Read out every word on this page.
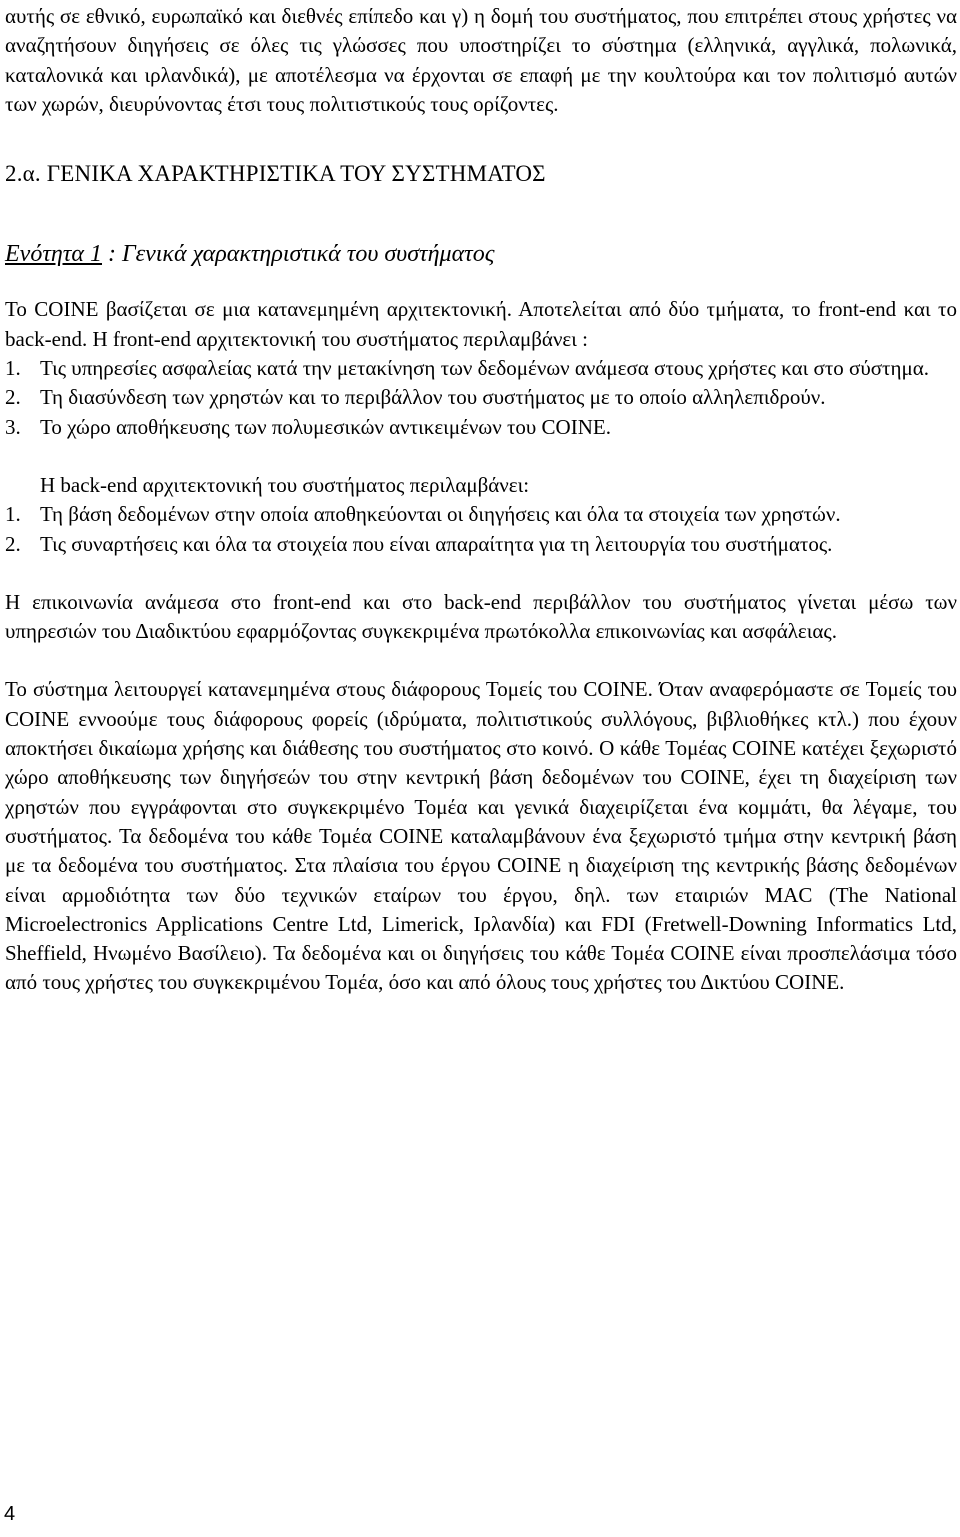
αυτής σε εθνικό, ευρωπαϊκό και διεθνές επίπεδο και γ) η δομή του συστήματος, που επιτρέπει στους χρήστες να αναζητήσουν διηγήσεις σε όλες τις γλώσσες που υποστηρίζει το σύστημα (ελληνικά, αγγλικά, πολωνικά, καταλονικά και ιρλανδικά), με αποτέλεσμα να έρχονται σε επαφή με την κουλτούρα και τον πολιτισμό αυτών των χωρών, διευρύνοντας έτσι τους πολιτιστικούς τους ορίζοντες.

2.α. ΓΕΝΙΚΑ ΧΑΡΑΚΤΗΡΙΣΤΙΚΑ ΤΟΥ ΣΥΣΤΗΜΑΤΟΣ

Ενότητα 1 : Γενικά χαρακτηριστικά του συστήματος

Το COINE βασίζεται σε μια κατανεμημένη αρχιτεκτονική. Αποτελείται από δύο τμήματα, το front-end και το back-end. Η front-end αρχιτεκτονική του συστήματος περιλαμβάνει :

1. Τις υπηρεσίες ασφαλείας κατά την μετακίνηση των δεδομένων ανάμεσα στους χρήστες και στο σύστημα.
2. Τη διασύνδεση των χρηστών και το περιβάλλον του συστήματος με το οποίο αλληλεπιδρούν.
3. Το χώρο αποθήκευσης των πολυμεσικών αντικειμένων του COINE.

Η back-end αρχιτεκτονική του συστήματος περιλαμβάνει:

1. Τη βάση δεδομένων στην οποία αποθηκεύονται οι διηγήσεις και όλα τα στοιχεία των χρηστών.
2. Τις συναρτήσεις και όλα τα στοιχεία που είναι απαραίτητα για τη λειτουργία του συστήματος.

Η επικοινωνία ανάμεσα στο front-end και στο back-end περιβάλλον του συστήματος γίνεται μέσω των υπηρεσιών του Διαδικτύου εφαρμόζοντας συγκεκριμένα πρωτόκολλα επικοινωνίας και ασφάλειας.

Το σύστημα λειτουργεί κατανεμημένα στους διάφορους Τομείς του COINE. Όταν αναφερόμαστε σε Τομείς του COINE εννοούμε τους διάφορους φορείς (ιδρύματα, πολιτιστικούς συλλόγους, βιβλιοθήκες κτλ.) που έχουν αποκτήσει δικαίωμα χρήσης και διάθεσης του συστήματος στο κοινό. Ο κάθε Τομέας COINE κατέχει ξεχωριστό χώρο αποθήκευσης των διηγήσεών του στην κεντρική βάση δεδομένων του COINE, έχει τη διαχείριση των χρηστών που εγγράφονται στο συγκεκριμένο Τομέα και γενικά διαχειρίζεται ένα κομμάτι, θα λέγαμε, του συστήματος. Τα δεδομένα του κάθε Τομέα COINE καταλαμβάνουν ένα ξεχωριστό τμήμα στην κεντρική βάση με τα δεδομένα του συστήματος. Στα πλαίσια του έργου COINE η διαχείριση της κεντρικής βάσης δεδομένων είναι αρμοδιότητα των δύο τεχνικών εταίρων του έργου, δηλ. των εταιριών MAC (The National Microelectronics Applications Centre Ltd, Limerick, Ιρλανδία) και FDI (Fretwell-Downing Informatics Ltd, Sheffield, Ηνωμένο Βασίλειο). Τα δεδομένα και οι διηγήσεις του κάθε Τομέα COINE είναι προσπελάσιμα τόσο από τους χρήστες του συγκεκριμένου Τομέα, όσο και από όλους τους χρήστες του Δικτύου COINE.

4
